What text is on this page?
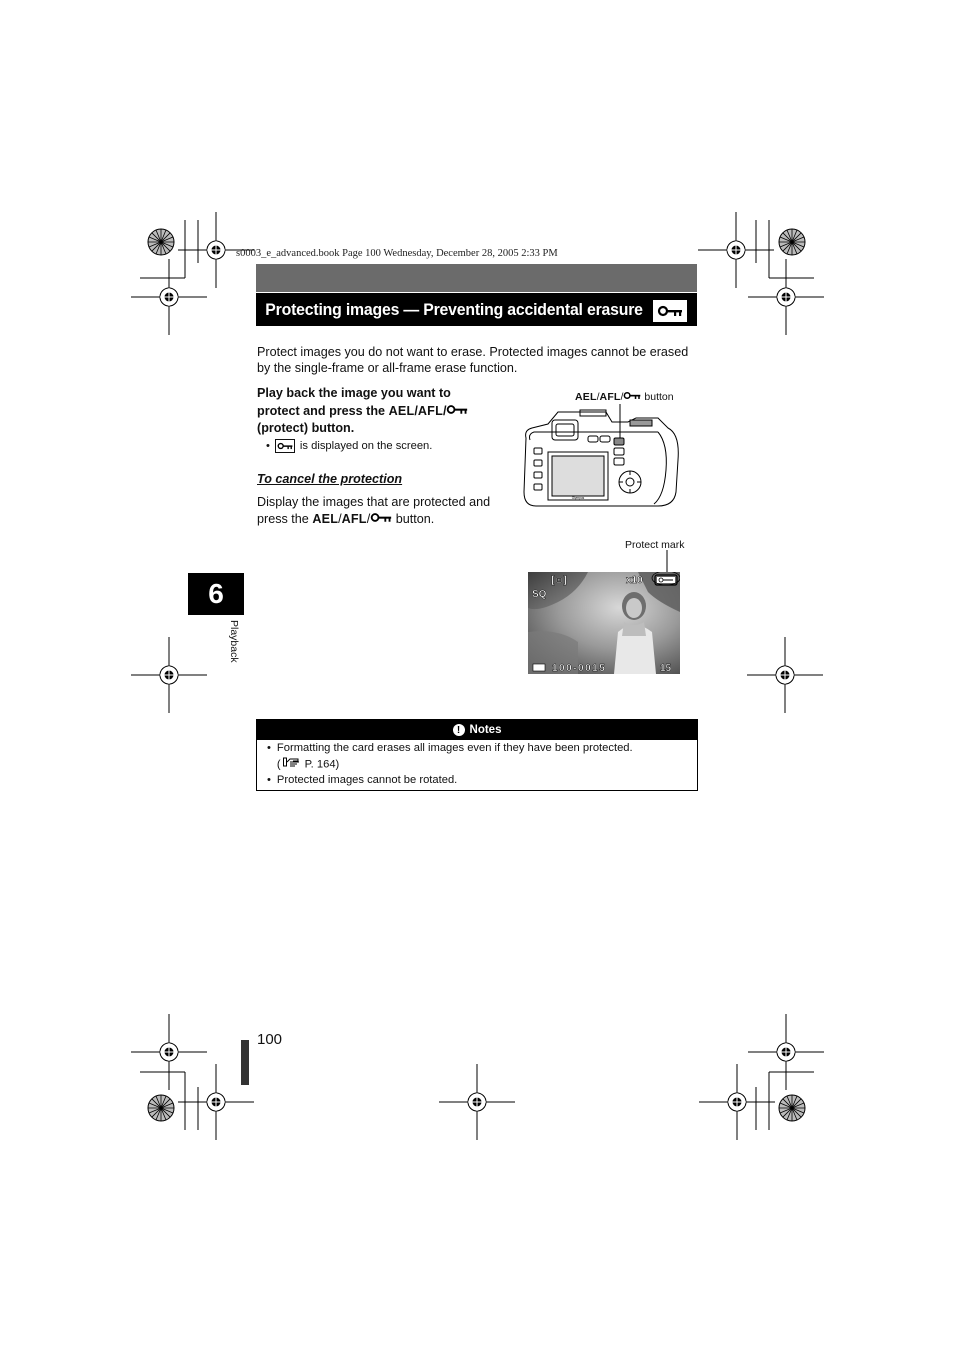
s0003_e_advanced.book Page 100 Wednesday, December 28, 2005 2:33 PM
Protecting images — Preventing accidental erasure
Protect images you do not want to erase. Protected images cannot be erased by the single-frame or all-frame erase function.
Play back the image you want to
protect and press the AEL/AFL/
(protect) button.
•	is displayed on the screen.
To cancel the protection
Display the images that are protected and
press the AEL/AFL/ button.
AEL/AFL/ button
Olympus
Protect mark
[⊡]	x10
SQ
100-0015	15
6
Playback
! Notes
• Formatting the card erases all images even if they have been protected.
( P. 164)
• Protected images cannot be rotated.
100
